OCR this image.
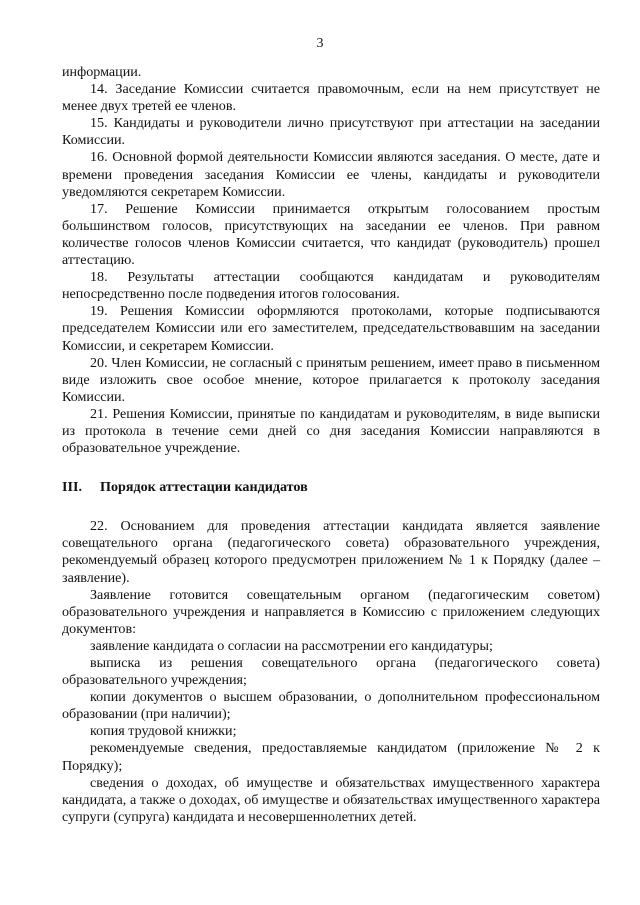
3

информации.

14. Заседание Комиссии считается правомочным, если на нем присутствует не менее двух третей ее членов.

15. Кандидаты и руководители лично присутствуют при аттестации на заседании Комиссии.

16. Основной формой деятельности Комиссии являются заседания. О месте, дате и времени проведения заседания Комиссии ее члены, кандидаты и руководители уведомляются секретарем Комиссии.

17. Решение Комиссии принимается открытым голосованием простым большинством голосов, присутствующих на заседании ее членов. При равном количестве голосов членов Комиссии считается, что кандидат (руководитель) прошел аттестацию.

18. Результаты аттестации сообщаются кандидатам и руководителям непосредственно после подведения итогов голосования.

19. Решения Комиссии оформляются протоколами, которые подписываются председателем Комиссии или его заместителем, председательствовавшим на заседании Комиссии, и секретарем Комиссии.

20. Член Комиссии, не согласный с принятым решением, имеет право в письменном виде изложить свое особое мнение, которое прилагается к протоколу заседания Комиссии.

21. Решения Комиссии, принятые по кандидатам и руководителям, в виде выписки из протокола в течение семи дней со дня заседания Комиссии направляются в образовательное учреждение.

III. Порядок аттестации кандидатов

22. Основанием для проведения аттестации кандидата является заявление совещательного органа (педагогического совета) образовательного учреждения, рекомендуемый образец которого предусмотрен приложением № 1 к Порядку (далее – заявление).

Заявление готовится совещательным органом (педагогическим советом) образовательного учреждения и направляется в Комиссию с приложением следующих документов:

заявление кандидата о согласии на рассмотрении его кандидатуры;

выписка из решения совещательного органа (педагогического совета) образовательного учреждения;

копии документов о высшем образовании, о дополнительном профессиональном образовании (при наличии);

копия трудовой книжки;

рекомендуемые сведения, предоставляемые кандидатом (приложение № 2 к Порядку);

сведения о доходах, об имуществе и обязательствах имущественного характера кандидата, а также о доходах, об имуществе и обязательствах имущественного характера супруги (супруга) кандидата и несовершеннолетних детей.
